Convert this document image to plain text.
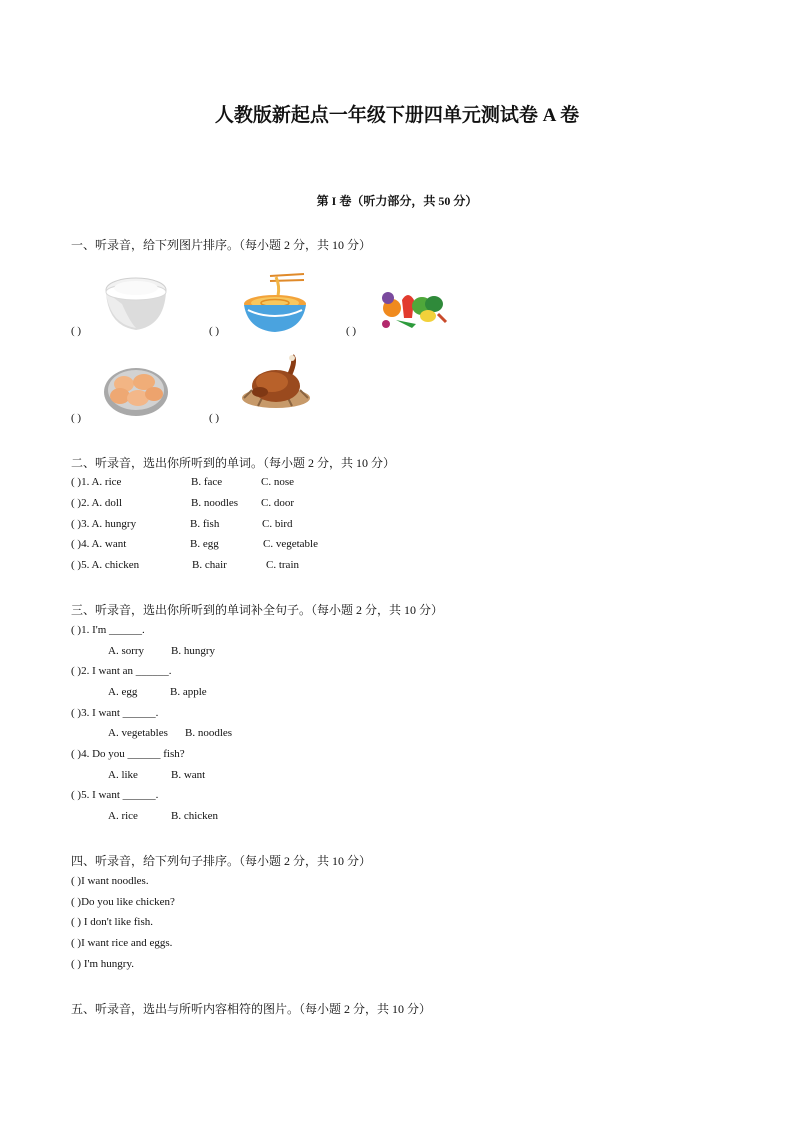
人教版新起点一年级下册四单元测试卷 A 卷
第 I 卷（听力部分，共 50 分）
一、听录音，给下列图片排序。（每小题 2 分，共 10 分）
( )	( )	( )
( )	( )
二、听录音，选出你所听到的单词。（每小题 2 分，共 10 分）
( )1. A. rice	B. face	C. nose
( )2. A. doll	B. noodles C. door
( )3. A. hungry	B. fish	C. bird
( )4. A. want	B. egg	C. vegetable
( )5. A. chicken	B. chair	C. train
三、听录音，选出你所听到的单词补全句子。（每小题 2 分，共 10 分）
( )1. I'm ______.
A. sorry B. hungry
( )2. I want an ______.
A. egg	B. apple
( )3. I want ______.
A. vegetables B. noodles
( )4. Do you ______ fish?
A. like	B. want
( )5. I want ______.
A. rice	B. chicken
四、听录音，给下列句子排序。（每小题 2 分，共 10 分）
( )I want noodles.
( )Do you like chicken?
( ) I don't like fish.
( )I want rice and eggs.
( ) I'm hungry.
五、听录音，选出与所听内容相符的图片。（每小题 2 分，共 10 分）
